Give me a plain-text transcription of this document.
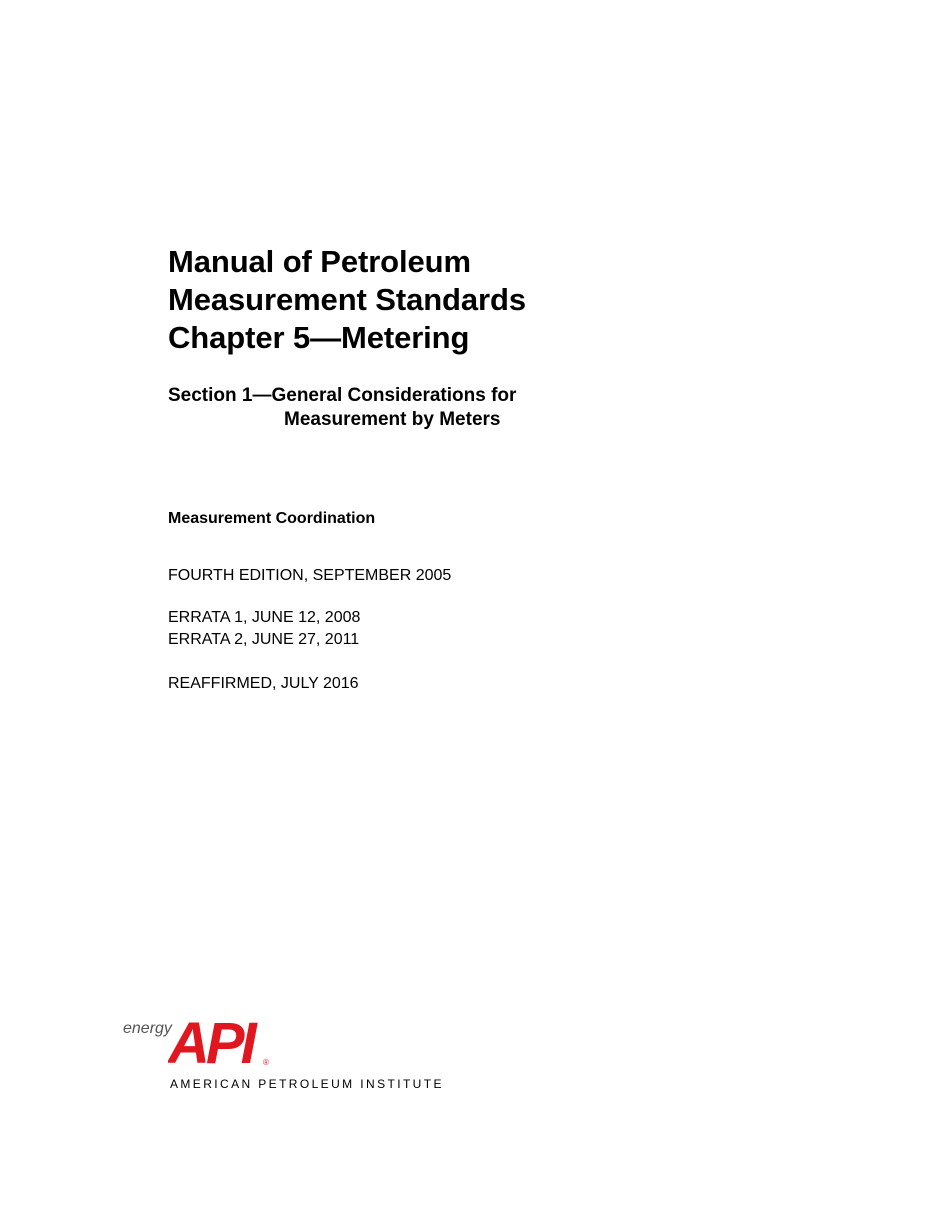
Manual of Petroleum
Measurement Standards
Chapter 5—Metering
Section 1—General Considerations for
Measurement by Meters
Measurement Coordination
FOURTH EDITION, SEPTEMBER 2005
ERRATA 1, JUNE 12, 2008
ERRATA 2, JUNE 27, 2011
REAFFIRMED, JULY 2016
energy
API	®
AMERICAN PETROLEUM INSTITUTE
